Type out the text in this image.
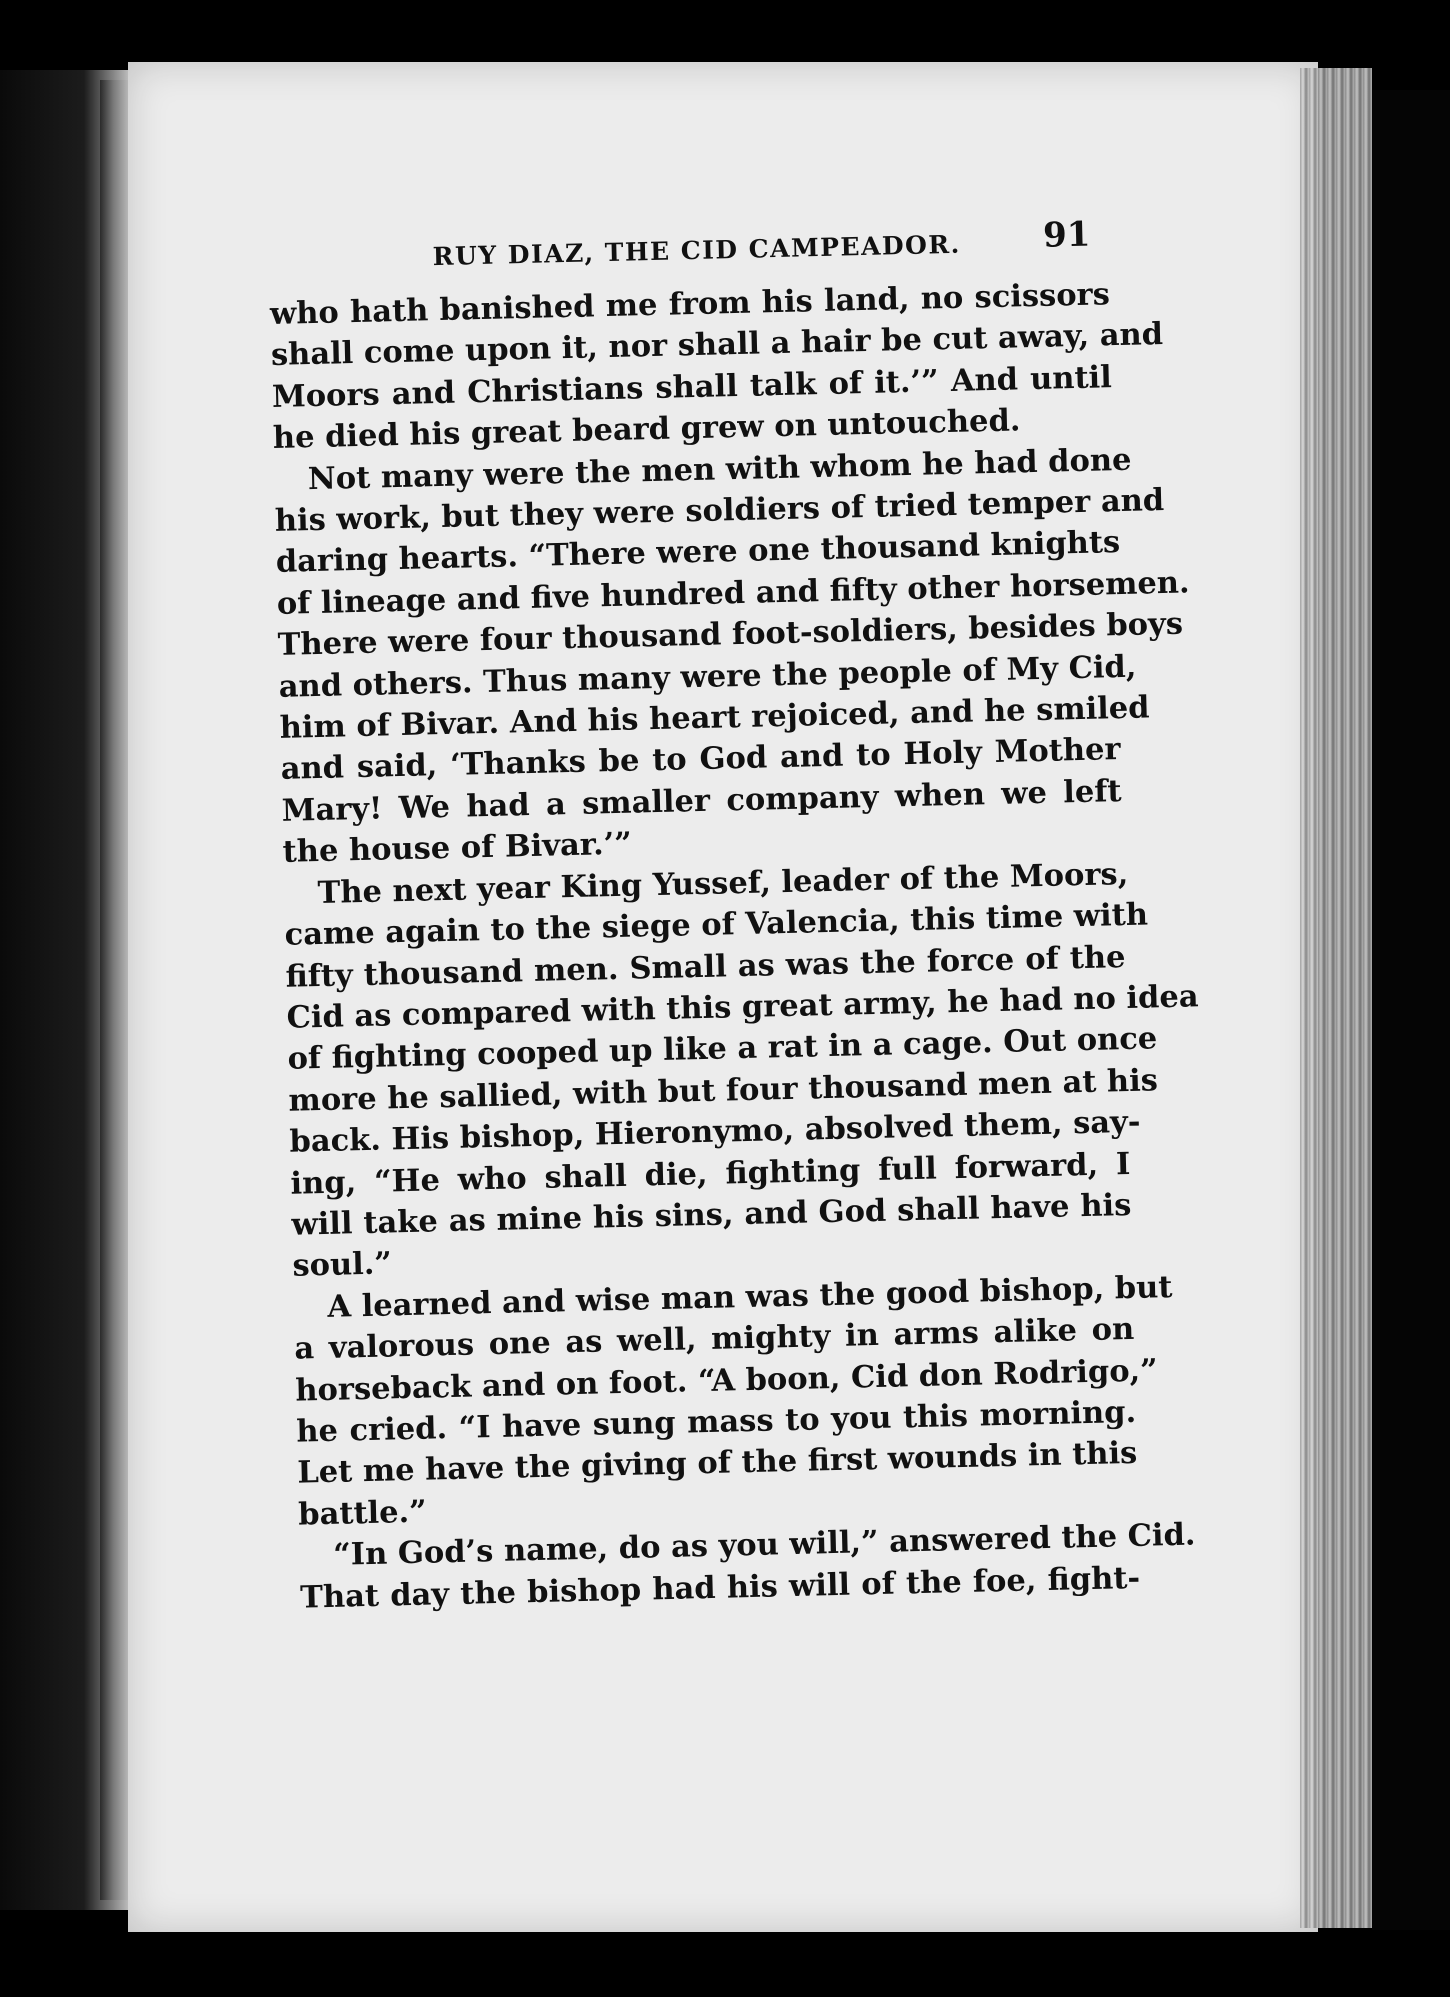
RUY DIAZ, THE CID CAMPEADOR. 91
who hath banished me from his land, no scissors
shall come upon it, nor shall a hair be cut away, and
Moors and Christians shall talk of it.’” And until
he died his great beard grew on untouched.
Not many were the men with whom he had done
his work, but they were soldiers of tried temper and
daring hearts. “There were one thousand knights
of lineage and five hundred and fifty other horsemen.
There were four thousand foot-soldiers, besides boys
and others. Thus many were the people of My Cid,
him of Bivar. And his heart rejoiced, and he smiled
and said, ‘Thanks be to God and to Holy Mother
Mary! We had a smaller company when we left
the house of Bivar.’”
The next year King Yussef, leader of the Moors,
came again to the siege of Valencia, this time with
fifty thousand men. Small as was the force of the
Cid as compared with this great army, he had no idea
of fighting cooped up like a rat in a cage. Out once
more he sallied, with but four thousand men at his
back. His bishop, Hieronymo, absolved them, say-
ing, “He who shall die, fighting full forward, I
will take as mine his sins, and God shall have his
soul.”
A learned and wise man was the good bishop, but
a valorous one as well, mighty in arms alike on
horseback and on foot. “A boon, Cid don Rodrigo,”
he cried. “I have sung mass to you this morning.
Let me have the giving of the first wounds in this
battle.”
“In God’s name, do as you will,” answered the Cid.
That day the bishop had his will of the foe, fight-
